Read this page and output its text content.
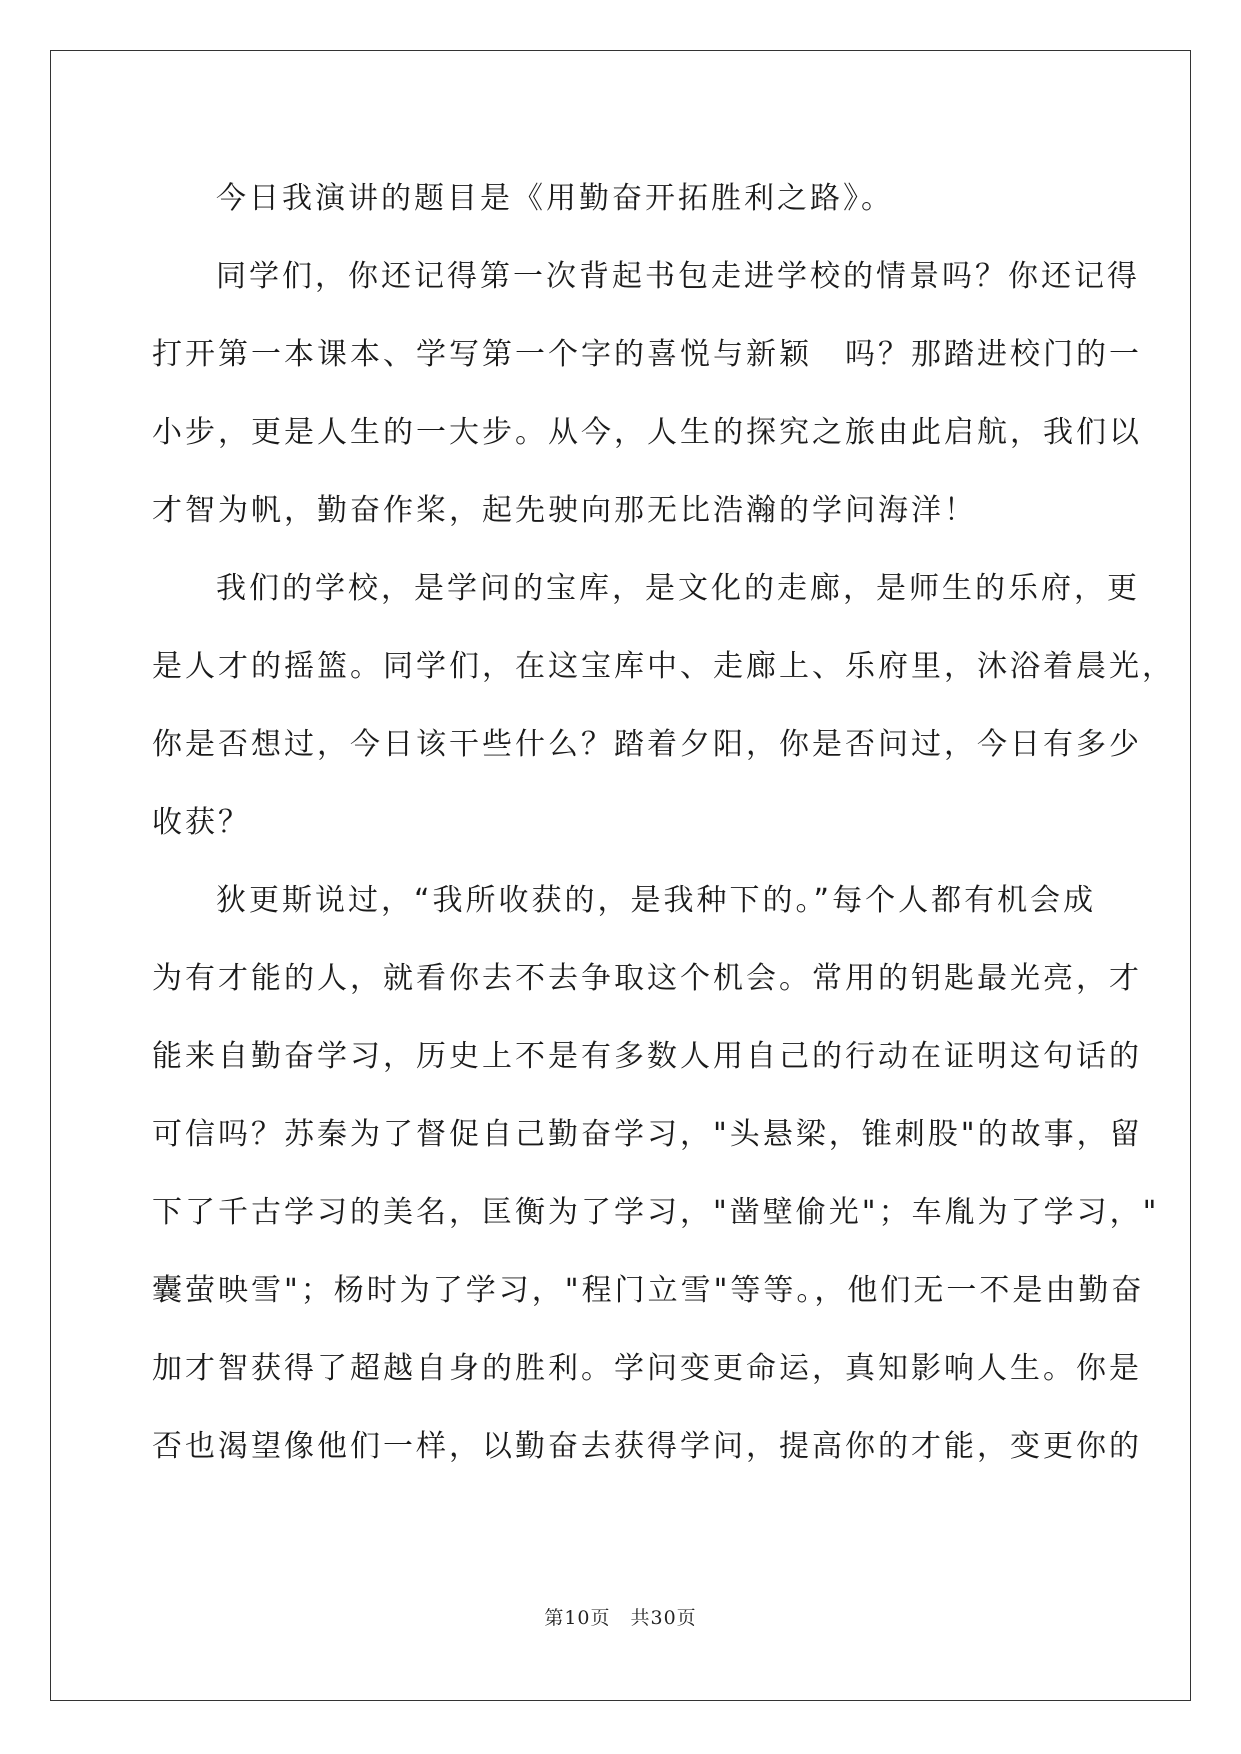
今日我演讲的题目是《用勤奋开拓胜利之路》。
同学们，你还记得第一次背起书包走进学校的情景吗？你还记得
打开第一本课本、学写第一个字的喜悦与新颖　吗？那踏进校门的一
小步，更是人生的一大步。从今，人生的探究之旅由此启航，我们以
才智为帆，勤奋作桨，起先驶向那无比浩瀚的学问海洋！
我们的学校，是学问的宝库，是文化的走廊，是师生的乐府，更
是人才的摇篮。同学们，在这宝库中、走廊上、乐府里，沐浴着晨光，
你是否想过，今日该干些什么？踏着夕阳，你是否问过，今日有多少
收获？
狄更斯说过，“我所收获的，是我种下的。”每个人都有机会成
为有才能的人，就看你去不去争取这个机会。常用的钥匙最光亮，才
能来自勤奋学习，历史上不是有多数人用自己的行动在证明这句话的
可信吗？苏秦为了督促自己勤奋学习，"头悬梁，锥刺股"的故事，留
下了千古学习的美名，匡衡为了学习，"凿壁偷光"；车胤为了学习，"
囊萤映雪"；杨时为了学习，"程门立雪"等等。，他们无一不是由勤奋
加才智获得了超越自身的胜利。学问变更命运，真知影响人生。你是
否也渴望像他们一样，以勤奋去获得学问，提高你的才能，变更你的
第10页 共30页
